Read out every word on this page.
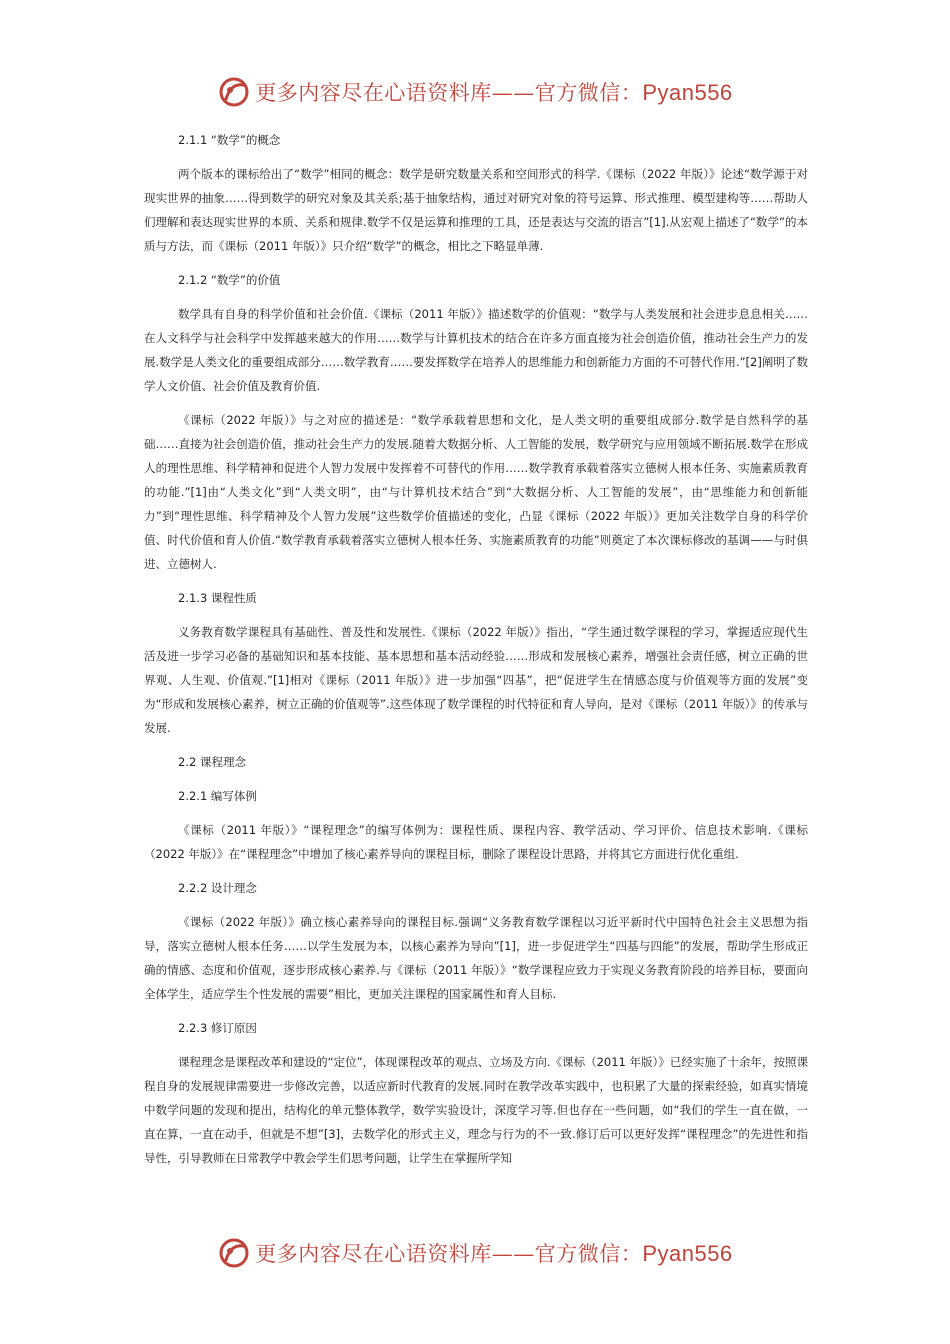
更多内容尽在心语资料库——官方微信：Pyan556
2.1.1 “数学”的概念
两个版本的课标给出了“数学”相同的概念：数学是研究数量关系和空间形式的科学.《课标（2022 年版）》论述“数学源于对现实世界的抽象……得到数学的研究对象及其关系;基于抽象结构，通过对研究对象的符号运算、形式推理、模型建构等……帮助人们理解和表达现实世界的本质、关系和规律.数学不仅是运算和推理的工具，还是表达与交流的语言”[1].从宏观上描述了“数学”的本质与方法，而《课标（2011 年版）》只介绍“数学”的概念，相比之下略显单薄.
2.1.2 “数学”的价值
数学具有自身的科学价值和社会价值.《课标（2011 年版）》描述数学的价值观：“数学与人类发展和社会进步息息相关……在人文科学与社会科学中发挥越来越大的作用……数学与计算机技术的结合在许多方面直接为社会创造价值，推动社会生产力的发展.数学是人类文化的重要组成部分……数学教育……要发挥数学在培养人的思维能力和创新能力方面的不可替代作用.”[2]阐明了数学人文价值、社会价值及教育价值.
《课标（2022 年版）》与之对应的描述是：“数学承载着思想和文化，是人类文明的重要组成部分.数学是自然科学的基础……直接为社会创造价值，推动社会生产力的发展.随着大数据分析、人工智能的发展，数学研究与应用领域不断拓展.数学在形成人的理性思维、科学精神和促进个人智力发展中发挥着不可替代的作用……数学教育承载着落实立德树人根本任务、实施素质教育的功能.”[1]由“人类文化”到“人类文明”，由“与计算机技术结合”到“大数据分析、人工智能的发展”，由“思维能力和创新能力”到“理性思维、科学精神及个人智力发展”这些数学价值描述的变化，凸显《课标（2022 年版）》更加关注数学自身的科学价值、时代价值和育人价值.“数学教育承载着落实立德树人根本任务、实施素质教育的功能”则奠定了本次课标修改的基调——与时俱进、立德树人.
2.1.3 课程性质
义务教育数学课程具有基础性、普及性和发展性.《课标（2022 年版）》指出，“学生通过数学课程的学习，掌握适应现代生活及进一步学习必备的基础知识和基本技能、基本思想和基本活动经验……形成和发展核心素养，增强社会责任感，树立正确的世界观、人生观、价值观.”[1]相对《课标（2011 年版）》进一步加强“四基”，把“促进学生在情感态度与价值观等方面的发展”变为“形成和发展核心素养，树立正确的价值观等”.这些体现了数学课程的时代特征和育人导向，是对《课标（2011 年版）》的传承与发展.
2.2 课程理念
2.2.1 编写体例
《课标（2011 年版）》“课程理念”的编写体例为：课程性质、课程内容、教学活动、学习评价、信息技术影响.《课标（2022 年版）》在“课程理念”中增加了核心素养导向的课程目标，删除了课程设计思路，并将其它方面进行优化重组.
2.2.2 设计理念
《课标（2022 年版）》确立核心素养导向的课程目标.强调“义务教育数学课程以习近平新时代中国特色社会主义思想为指导，落实立德树人根本任务……以学生发展为本，以核心素养为导向”[1]，进一步促进学生“四基与四能”的发展，帮助学生形成正确的情感、态度和价值观，逐步形成核心素养.与《课标（2011 年版）》“数学课程应致力于实现义务教育阶段的培养目标，要面向全体学生，适应学生个性发展的需要”相比，更加关注课程的国家属性和育人目标.
2.2.3 修订原因
课程理念是课程改革和建设的“定位”，体现课程改革的观点、立场及方向.《课标（2011 年版）》已经实施了十余年，按照课程自身的发展规律需要进一步修改完善，以适应新时代教育的发展.同时在教学改革实践中，也积累了大量的探索经验，如真实情境中数学问题的发现和提出，结构化的单元整体教学，数学实验设计，深度学习等.但也存在一些问题，如“我们的学生一直在做，一直在算，一直在动手，但就是不想”[3]，去数学化的形式主义，理念与行为的不一致.修订后可以更好发挥“课程理念”的先进性和指导性，引导教师在日常教学中教会学生们思考问题，让学生在掌握所学知
更多内容尽在心语资料库——官方微信：Pyan556
